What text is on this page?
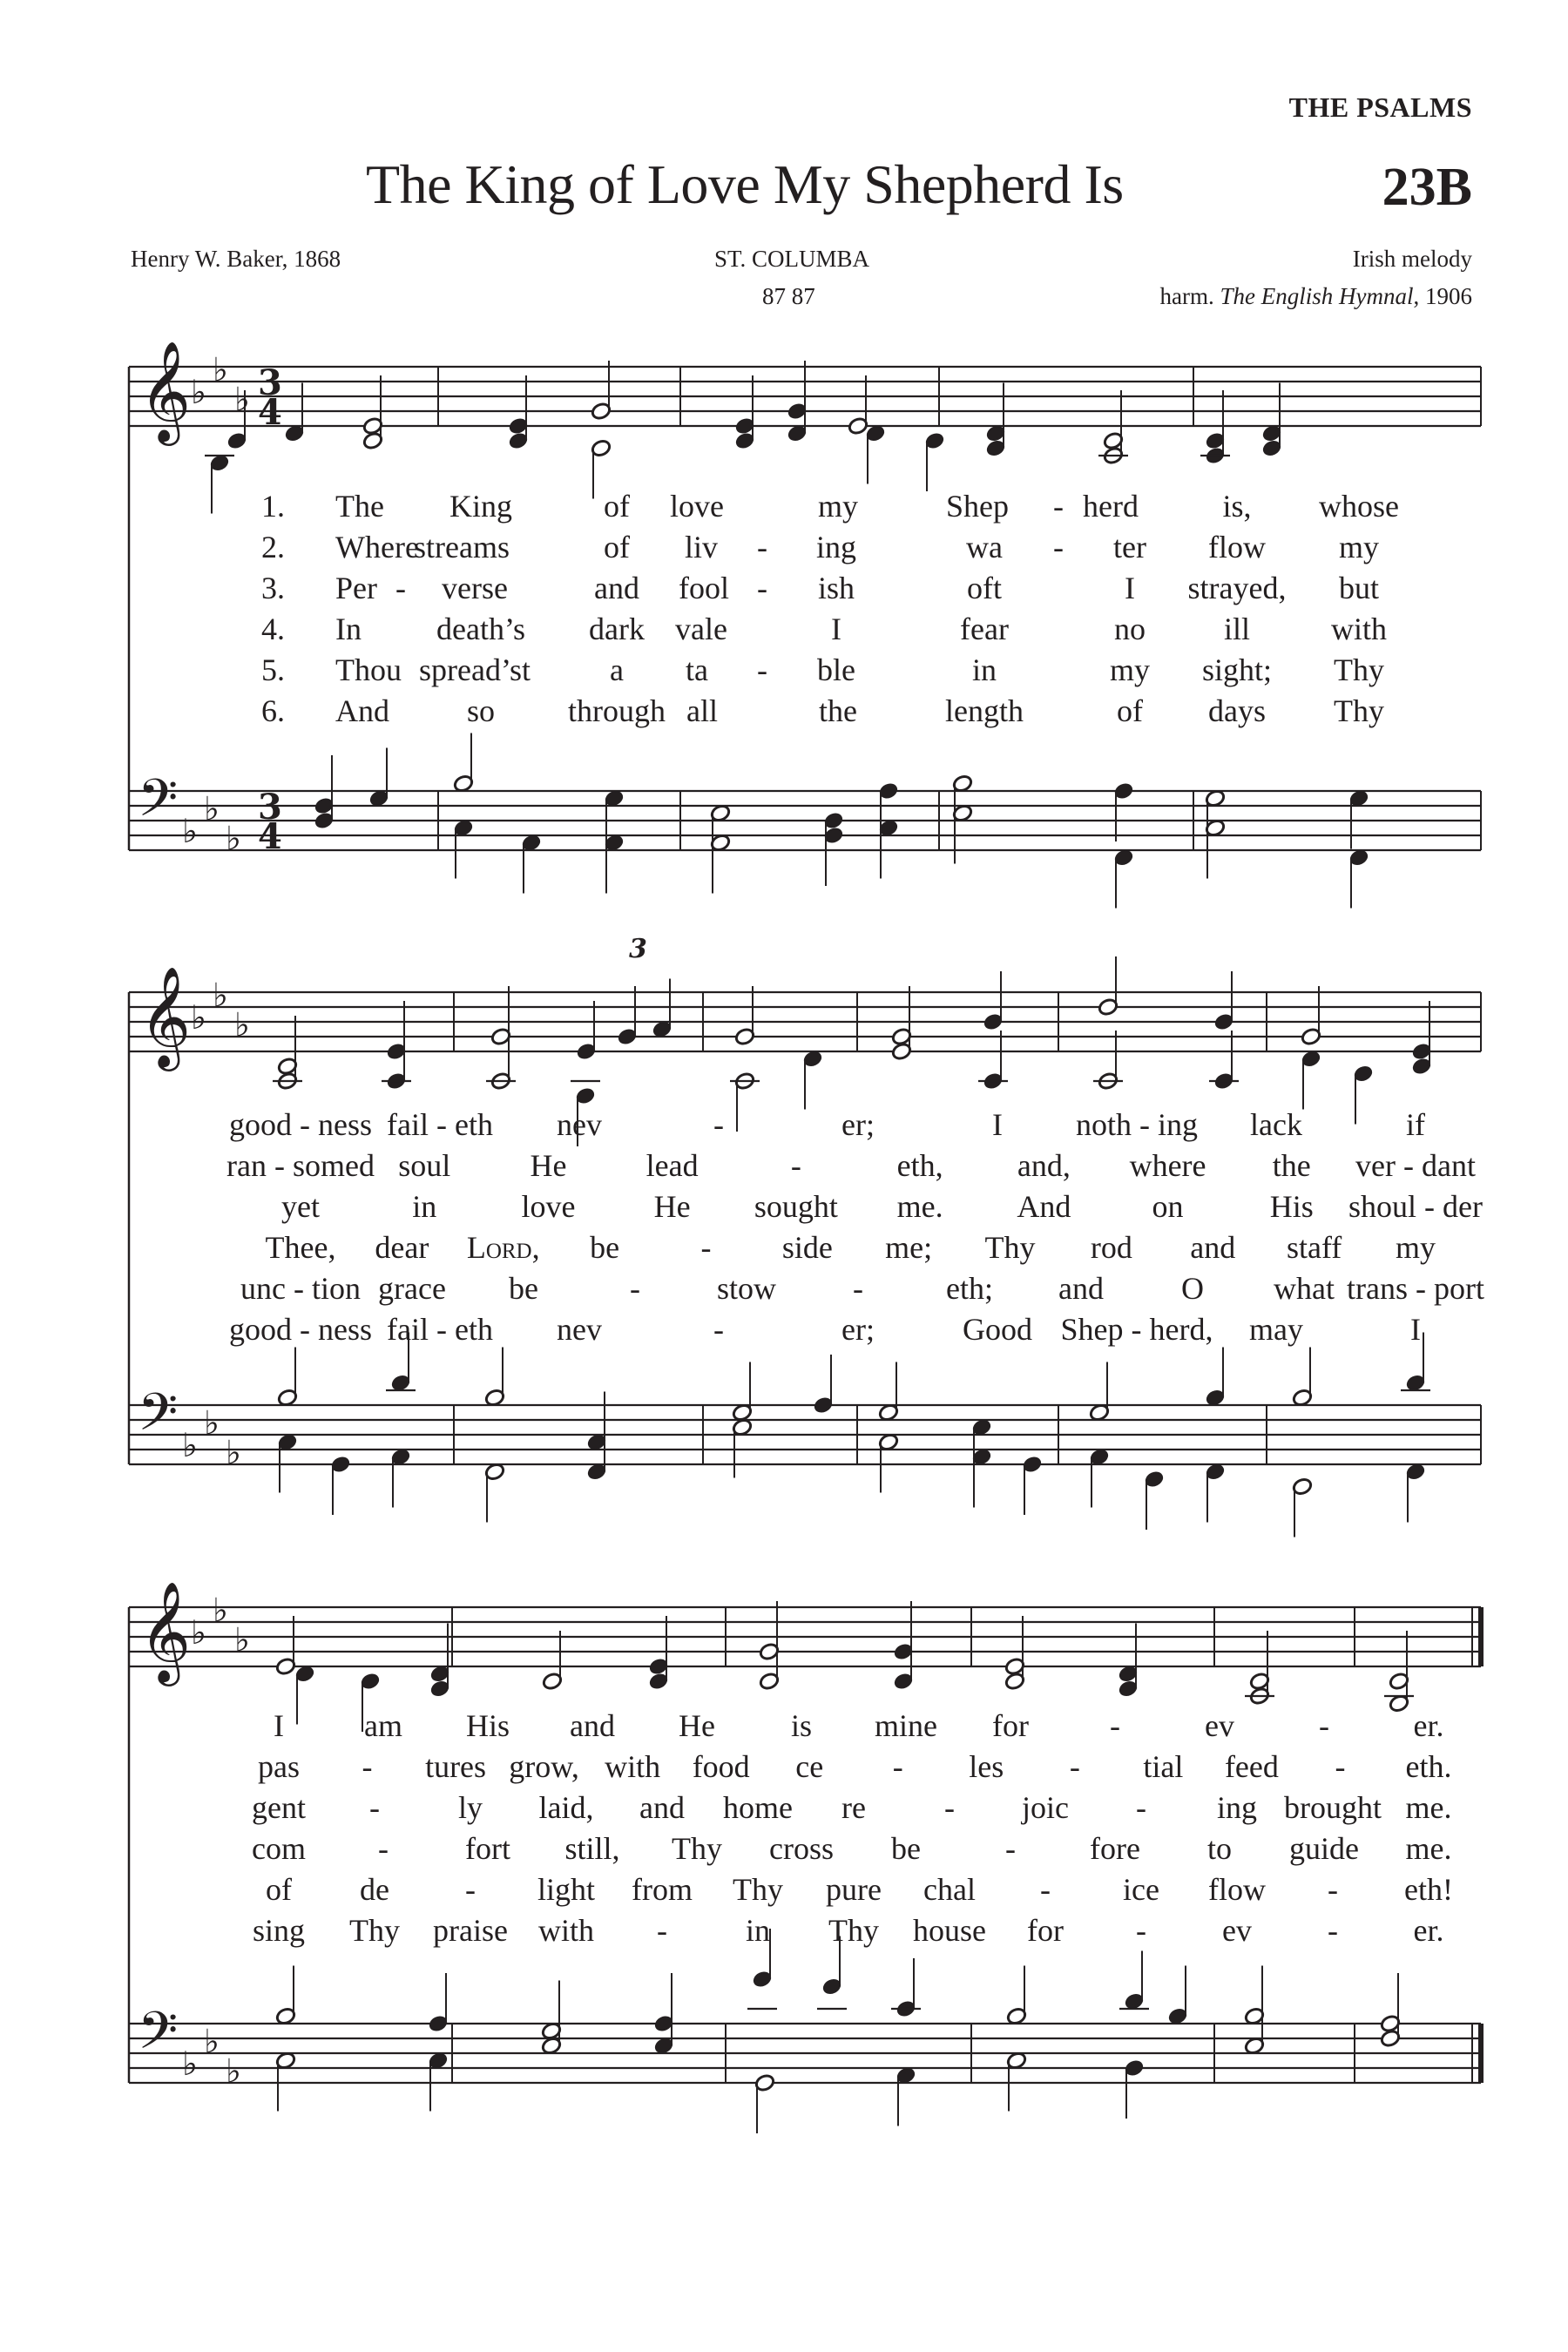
THE PSALMS
The King of Love My Shepherd Is	23B
Henry W. Baker, 1868	ST. COLUMBA
87 87
Irish melody
harm. The English Hymnal, 1906
𝄞
𝄢
♭
♭
♭
♭
♭
♭
3
4
3
4
𝄞
𝄢
♭
♭
♭
♭
♭
♭
3
𝄞
𝄢
♭
♭
♭
♭
♭
♭
1. The King	of love	my	Shep - herd	is, whose
2. Where
streams	of liv - ing	wa - ter flow my
3. Per - verse	and fool - ish	oft	I strayed, but
4. In death’s dark vale	I	fear	no ill	with
5. Thou spread’st	a ta - ble	in	my sight; Thy
6. And so through all	the	length	of days Thy
good - ness fail - eth nev	-	er;	I noth - ing lack	if
ran - somed soul	He	lead	-	eth, and, where the ver - dant
yet	in	love	He sought me. And	on	His shoul - der
Thee, dear Lord, be	- side me; Thy rod and staff my
unc - tion grace be	- stow -	eth; and O what trans - port
good - ness fail - eth nev	-	er;	Good Shep - herd, may	I
I	am His and He is mine for	-	ev	-	er.
pas - tures grow, with food ce - les - tial feed - eth.
gent - ly laid, and home re	- joic - ing brought me.
com - fort still, Thy cross be	- fore to guide me.
of de - light from Thy pure chal - ice flow - eth!
sing Thy praise with - in Thy house for - ev - er.
